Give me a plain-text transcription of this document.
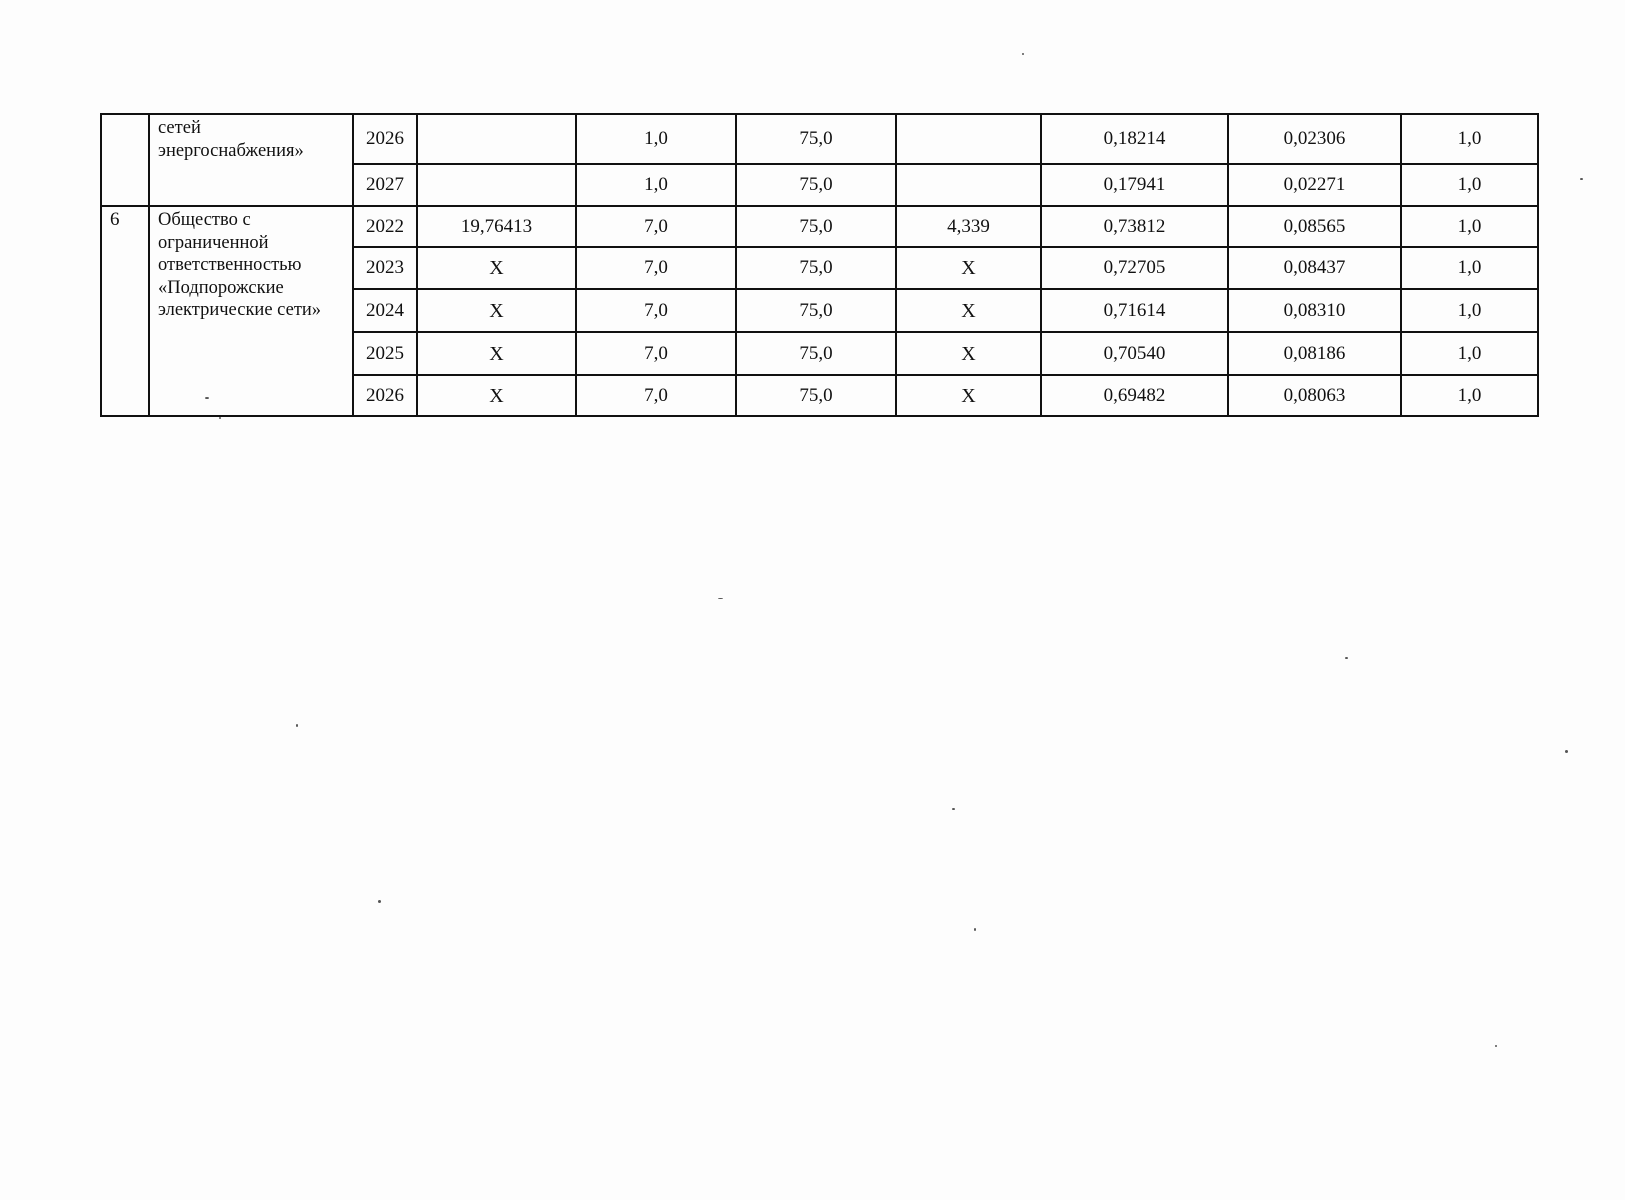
	сетей энергоснабжения»	2026		1,0	75,0		0,18214	0,02306	1,0
		2027		1,0	75,0		0,17941	0,02271	1,0
6	Общество с ограниченной ответственностью «Подпорожские электрические сети»	2022	19,76413	7,0	75,0	4,339	0,73812	0,08565	1,0
		2023	X	7,0	75,0	X	0,72705	0,08437	1,0
		2024	X	7,0	75,0	X	0,71614	0,08310	1,0
		2025	X	7,0	75,0	X	0,70540	0,08186	1,0
		2026	X	7,0	75,0	X	0,69482	0,08063	1,0
